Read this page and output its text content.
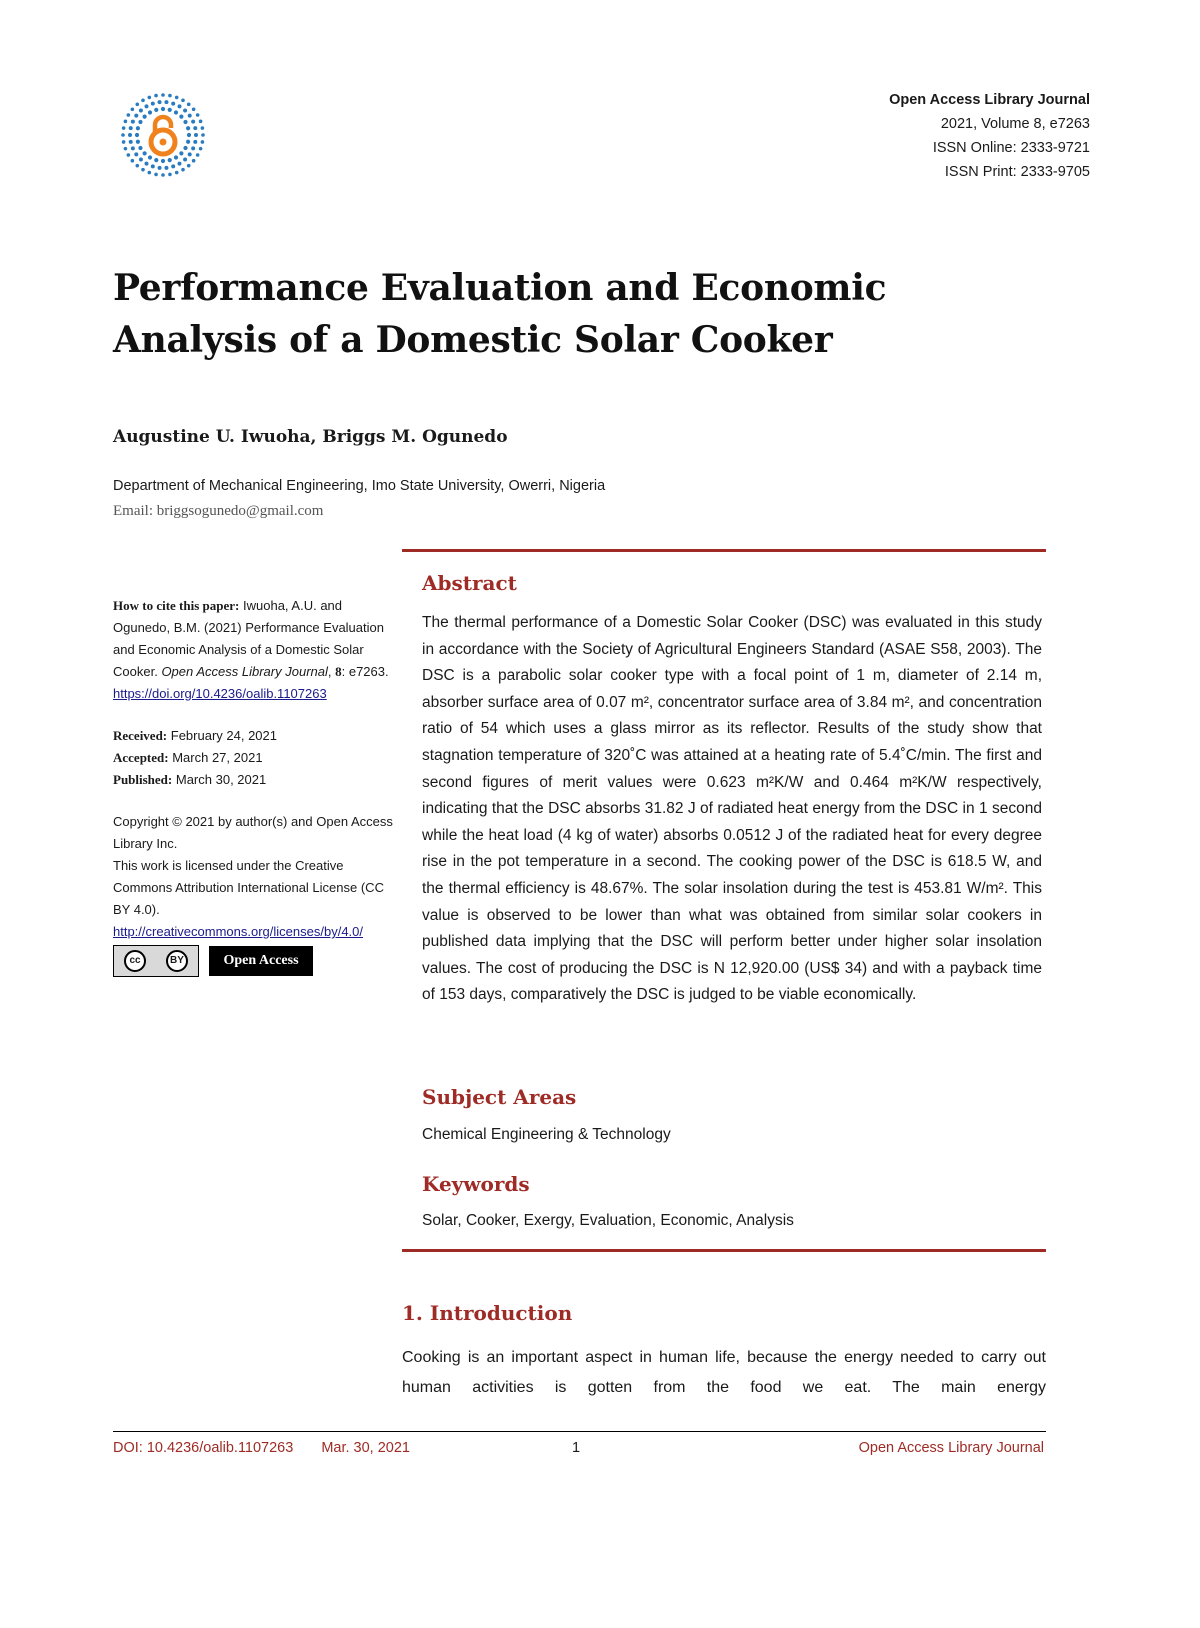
Open Access Library Journal
2021, Volume 8, e7263
ISSN Online: 2333-9721
ISSN Print: 2333-9705
Performance Evaluation and Economic
Analysis of a Domestic Solar Cooker
Augustine U. Iwuoha, Briggs M. Ogunedo
Department of Mechanical Engineering, Imo State University, Owerri, Nigeria
Email: briggsogunedo@gmail.com

How to cite this paper: Iwuoha, A.U. and Ogunedo, B.M. (2021) Performance Evaluation and Economic Analysis of a Domestic Solar Cooker. Open Access Library Journal, 8: e7263.

https://doi.org/10.4236/oalib.1107263

Received: February 24, 2021

Accepted: March 27, 2021

Published: March 30, 2021

Copyright © 2021 by author(s) and Open Access Library Inc.

This work is licensed under the Creative Commons Attribution International License (CC BY 4.0).

http://creativecommons.org/licenses/by/4.0/

cc	BY	Open Access
Abstract

The thermal performance of a Domestic Solar Cooker (DSC) was evaluated in this study in accordance with the Society of Agricultural Engineers Standard (ASAE S58, 2003). The DSC is a parabolic solar cooker type with a focal point of 1 m, diameter of 2.14 m, absorber surface area of 0.07 m², concentrator surface area of 3.84 m², and concentration ratio of 54 which uses a glass mirror as its reflector. Results of the study show that stagnation temperature of 320˚C was attained at a heating rate of 5.4˚C/min. The first and second figures of merit values were 0.623 m²K/W and 0.464 m²K/W respectively, indicating that the DSC absorbs 31.82 J of radiated heat energy from the DSC in 1 second while the heat load (4 kg of water) absorbs 0.0512 J of the radiated heat for every degree rise in the pot temperature in a second. The cooking power of the DSC is 618.5 W, and the thermal efficiency is 48.67%. The solar insolation during the test is 453.81 W/m². This value is observed to be lower than what was obtained from similar solar cookers in published data implying that the DSC will perform better under higher solar insolation values. The cost of producing the DSC is N 12,920.00 (US$ 34) and with a payback time of 153 days, comparatively the DSC is judged to be viable economically.

Subject Areas
Chemical Engineering & Technology
Keywords
Solar, Cooker, Exergy, Evaluation, Economic, Analysis
1. Introduction

Cooking is an important aspect in human life, because the energy needed to carry out human activities is gotten from the food we eat. The main energy

DOI: 10.4236/oalib.1107263 Mar. 30, 2021	1	Open Access Library Journal
